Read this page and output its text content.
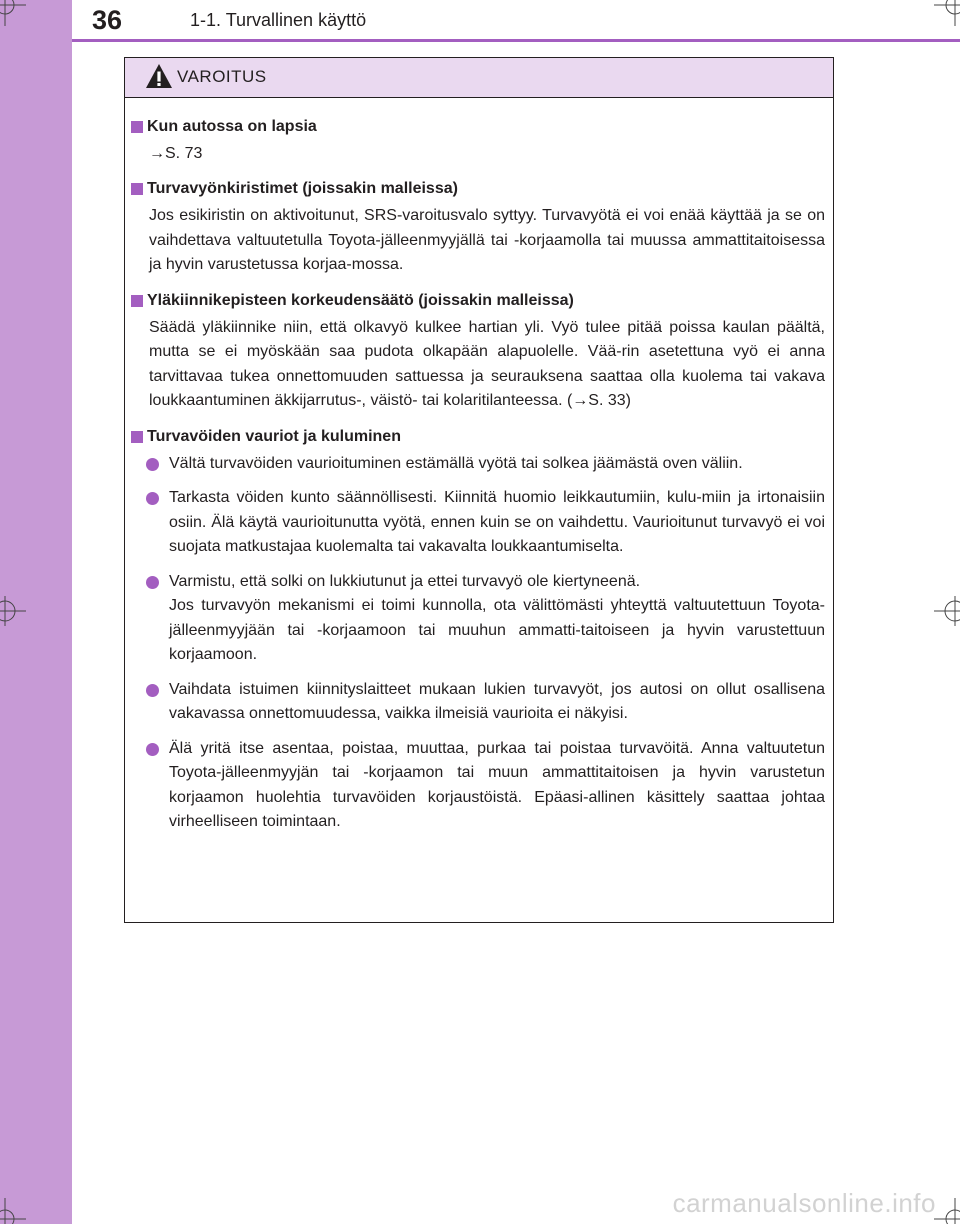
36	1-1. Turvallinen käyttö
VAROITUS
Kun autossa on lapsia
→S. 73
Turvavyönkiristimet (joissakin malleissa)
Jos esikiristin on aktivoitunut, SRS-varoitusvalo syttyy. Turvavyötä ei voi enää käyttää ja se on vaihdettava valtuutetulla Toyota-jälleenmyyjällä tai -korjaamolla tai muussa ammattitaitoisessa ja hyvin varustetussa korjaa-mossa.
Yläkiinnikepisteen korkeudensäätö (joissakin malleissa)
Säädä yläkiinnike niin, että olkavyö kulkee hartian yli. Vyö tulee pitää poissa kaulan päältä, mutta se ei myöskään saa pudota olkapään alapuolelle. Vää-rin asetettuna vyö ei anna tarvittavaa tukea onnettomuuden sattuessa ja seurauksena saattaa olla kuolema tai vakava loukkaantuminen äkkijarrutus-, väistö- tai kolaritilanteessa. (→S. 33)
Turvavöiden vauriot ja kuluminen
Vältä turvavöiden vaurioituminen estämällä vyötä tai solkea jäämästä oven väliin.
Tarkasta vöiden kunto säännöllisesti. Kiinnitä huomio leikkautumiin, kulu-miin ja irtonaisiin osiin. Älä käytä vaurioitunutta vyötä, ennen kuin se on vaihdettu. Vaurioitunut turvavyö ei voi suojata matkustajaa kuolemalta tai vakavalta loukkaantumiselta.
Varmistu, että solki on lukkiutunut ja ettei turvavyö ole kiertyneenä.
Jos turvavyön mekanismi ei toimi kunnolla, ota välittömästi yhteyttä valtuutettuun Toyota-jälleenmyyjään tai -korjaamoon tai muuhun ammatti-taitoiseen ja hyvin varustettuun korjaamoon.
Vaihdata istuimen kiinnityslaitteet mukaan lukien turvavyöt, jos autosi on ollut osallisena vakavassa onnettomuudessa, vaikka ilmeisiä vaurioita ei näkyisi.
Älä yritä itse asentaa, poistaa, muuttaa, purkaa tai poistaa turvavöitä. Anna valtuutetun Toyota-jälleenmyyjän tai -korjaamon tai muun ammattitaitoisen ja hyvin varustetun korjaamon huolehtia turvavöiden korjaustöistä. Epäasi-allinen käsittely saattaa johtaa virheelliseen toimintaan.
carmanualsonline.info
